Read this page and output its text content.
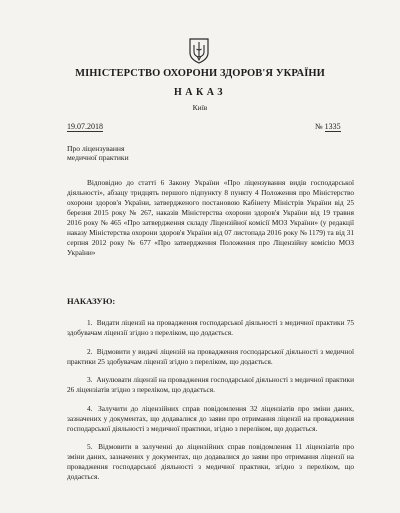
МІНІСТЕРСТВО ОХОРОНИ ЗДОРОВ'Я УКРАЇНИ
НАКАЗ
Київ
19.07.2018	№ 1335
Про ліцензування
медичної практики
Відповідно до статті 6 Закону України «Про ліцензування видів господарської діяльності», абзацу тридцять першого підпункту 8 пункту 4 Положення про Міністерство охорони здоров'я України, затвердженого постановою Кабінету Міністрів України від 25 березня 2015 року № 267, наказів Міністерства охорони здоров'я України від 19 травня 2016 року № 465 «Про затвердження складу Ліцензійної комісії МОЗ України» (у редакції наказу Міністерства охорони здоров'я України від 07 листопада 2016 року № 1179) та від 31 серпня 2012 року № 677 «Про затвердження Положення про Ліцензійну комісію МОЗ України»
НАКАЗУЮ:

1. Видати ліцензії на провадження господарської діяльності з медичної практики 75 здобувачам ліцензії згідно з переліком, що додається.

2. Відмовити у видачі ліцензій на провадження господарської діяльності з медичної практики 25 здобувачам ліцензії згідно з переліком, що додається.

3. Анулювати ліцензії на провадження господарської діяльності з медичної практики 26 ліцензіатів згідно з переліком, що додається.

4. Залучити до ліцензійних справ повідомлення 32 ліцензіатів про зміни даних, зазначених у документах, що додавалися до заяви про отримання ліцензії на провадження господарської діяльності з медичної практики, згідно з переліком, що додається.

5. Відмовити в залученні до ліцензійних справ повідомлення 11 ліцензіатів про зміни даних, зазначених у документах, що додавалися до заяви про отримання ліцензії на провадження господарської діяльності з медичної практики, згідно з переліком, що додається.
